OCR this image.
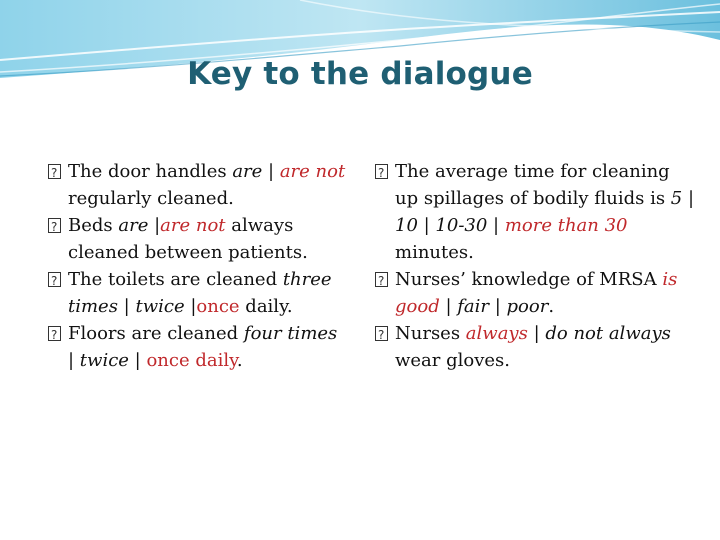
Key to the dialogue

?
The door handles are | are not regularly cleaned.

?
Beds are |are not always cleaned between patients.

?
The toilets are cleaned three times | twice |once daily.

?
Floors are cleaned four times | twice | once daily.

?
The average time for cleaning up spillages of bodily fluids is 5 | 10 | 10-30 | more than 30 minutes.

?
Nurses’ knowledge of MRSA is good | fair | poor.

?
Nurses always | do not always wear gloves.
